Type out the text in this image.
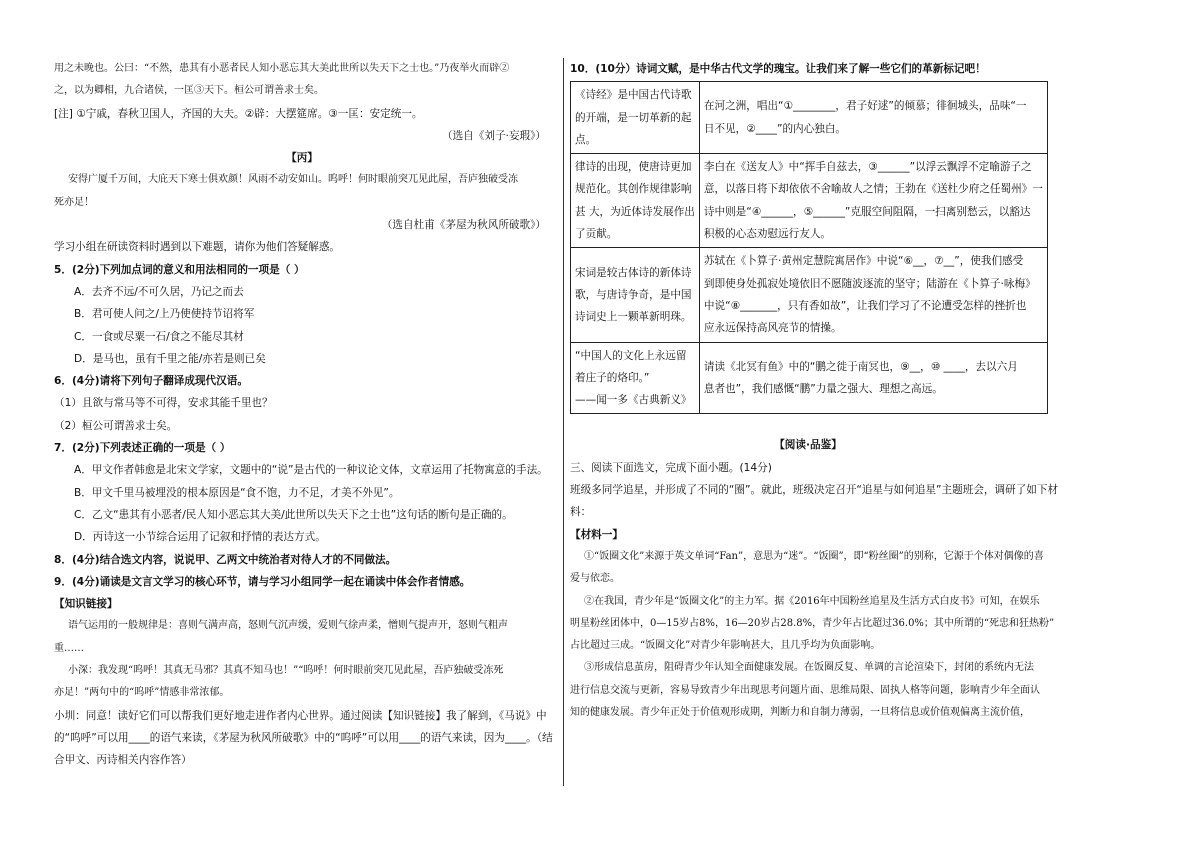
用之未晚也。公曰：“不然，患其有小恶者民人知小恶忘其大美此世所以失天下之士也。”乃夜举火而辟②
之，以为卿相，九合诸侯，一匡③天下。桓公可谓善求士矣。
[注] ①宁戚，春秋卫国人，齐国的大夫。②辟：大摆筵席。③一匡：安定统一。
（选自《刘子·妄瑕》）
【丙】
安得广厦千万间，大庇天下寒士俱欢颜！风雨不动安如山。呜呼！何时眼前突兀见此屋，吾庐独破受冻
死亦足！
（选自杜甫《茅屋为秋风所破歌》）
学习小组在研读资料时遇到以下难题，请你为他们答疑解惑。
5．(2分)下列加点词的意义和用法相同的一项是（ ）
A．去齐不远/不可久居，乃记之而去
B．君可使人问之/上乃使使持节诏将军
C．一食或尽粟一石/食之不能尽其材
D．是马也，虽有千里之能/亦若是则已矣
6．(4分)请将下列句子翻译成现代汉语。
（1）且欲与常马等不可得，安求其能千里也？
（2）桓公可谓善求士矣。
7．(2分)下列表述正确的一项是（ ）
A．甲文作者韩愈是北宋文学家，文题中的“说”是古代的一种议论文体，文章运用了托物寓意的手法。
B．甲文千里马被埋没的根本原因是“食不饱，力不足，才美不外见”。
C．乙文“患其有小恶者/民人知小恶忘其大美/此世所以失天下之士也”这句话的断句是正确的。
D．丙诗这一小节综合运用了记叙和抒情的表达方式。
8．(4分)结合选文内容，说说甲、乙两文中统治者对待人才的不同做法。
9．(4分)诵读是文言文学习的核心环节，请与学习小组同学一起在诵读中体会作者情感。
【知识链接】
语气运用的一般规律是：喜则气满声高，怒则气沉声缓，爱则气徐声柔，憎则气提声开，怒则气粗声
重……
小深：我发现“呜呼！其真无马邪？其真不知马也！”“呜呼！何时眼前突兀见此屋，吾庐独破受冻死
亦足！”两句中的“呜呼”情感非常浓郁。
小圳：同意！读好它们可以帮我们更好地走进作者内心世界。通过阅读【知识链接】我了解到，《马说》中
的“呜呼”可以用____的语气来读，《茅屋为秋风所破歌》中的“呜呼”可以用____的语气来读，因为____。（结
合甲文、丙诗相关内容作答）
10．(10分）诗词文赋，是中华古代文学的瑰宝。让我们来了解一些它们的革新标记吧！
《诗经》是中国古代诗歌
的开端，是一切革新的起
点。	在河之洲，唱出“①________，君子好逑”的倾慕；徘徊城头，品味“一
日不见，②____”的内心独白。

律诗的出现，使唐诗更加
规范化。其创作规律影响
甚 大，为近体诗发展作出
了贡献。	李白在《送友人》中“挥手自兹去，③______”以浮云飘浮不定喻游子之
意，以落日将下却依依不舍喻故人之情；王勃在《送杜少府之任蜀州》一
诗中则是“④______，⑤______”克服空间阻隔，一扫离别愁云，以豁达
积极的心态劝慰远行友人。

宋词是较古体诗的新体诗
歌，与唐诗争奇，是中国
诗词史上一颗革新明珠。	苏轼在《卜算子·黄州定慧院寓居作》中说“⑥__，⑦__”，使我们感受
到即使身处孤寂处境依旧不愿随波逐流的坚守；陆游在《卜算子·咏梅》
中说“⑧_______，只有香如故”，让我们学习了不论遭受怎样的挫折也
应永远保持高风亮节的情操。

“中国人的文化上永远留
着庄子的烙印。”
——闻一多《古典新义》	请读《北冥有鱼》中的“鹏之徙于南冥也，⑨__，⑩ ____，去以六月
息者也”，我们感慨“鹏”力量之强大、理想之高远。
【阅读·品鉴】
三、阅读下面选文，完成下面小题。(14分)
班级多同学追星，并形成了不同的“圈”。就此，班级决定召开“追星与如何追星”主题班会，调研了如下材
料：
【材料一】
①“饭圈文化”来源于英文单词“Fan”，意思为“迷”。“饭圈”，即“粉丝圈”的别称，它源于个体对偶像的喜
爱与依恋。
②在我国，青少年是“饭圈文化”的主力军。据《2016年中国粉丝追星及生活方式白皮书》可知，在娱乐
明星粉丝团体中，0—15岁占8%，16—20岁占28.8%，青少年占比超过36.0%；其中所谓的“死忠和狂热粉”
占比超过三成。“饭圈文化”对青少年影响甚大，且几乎均为负面影响。
③形成信息茧房，阻碍青少年认知全面健康发展。在饭圈反复、单调的言论渲染下，封闭的系统内无法
进行信息交流与更新，容易导致青少年出现思考问题片面、思维局限、固执人格等问题，影响青少年全面认
知的健康发展。青少年正处于价值观形成期，判断力和自制力薄弱，一旦将信息或价值观偏离主流价值，
